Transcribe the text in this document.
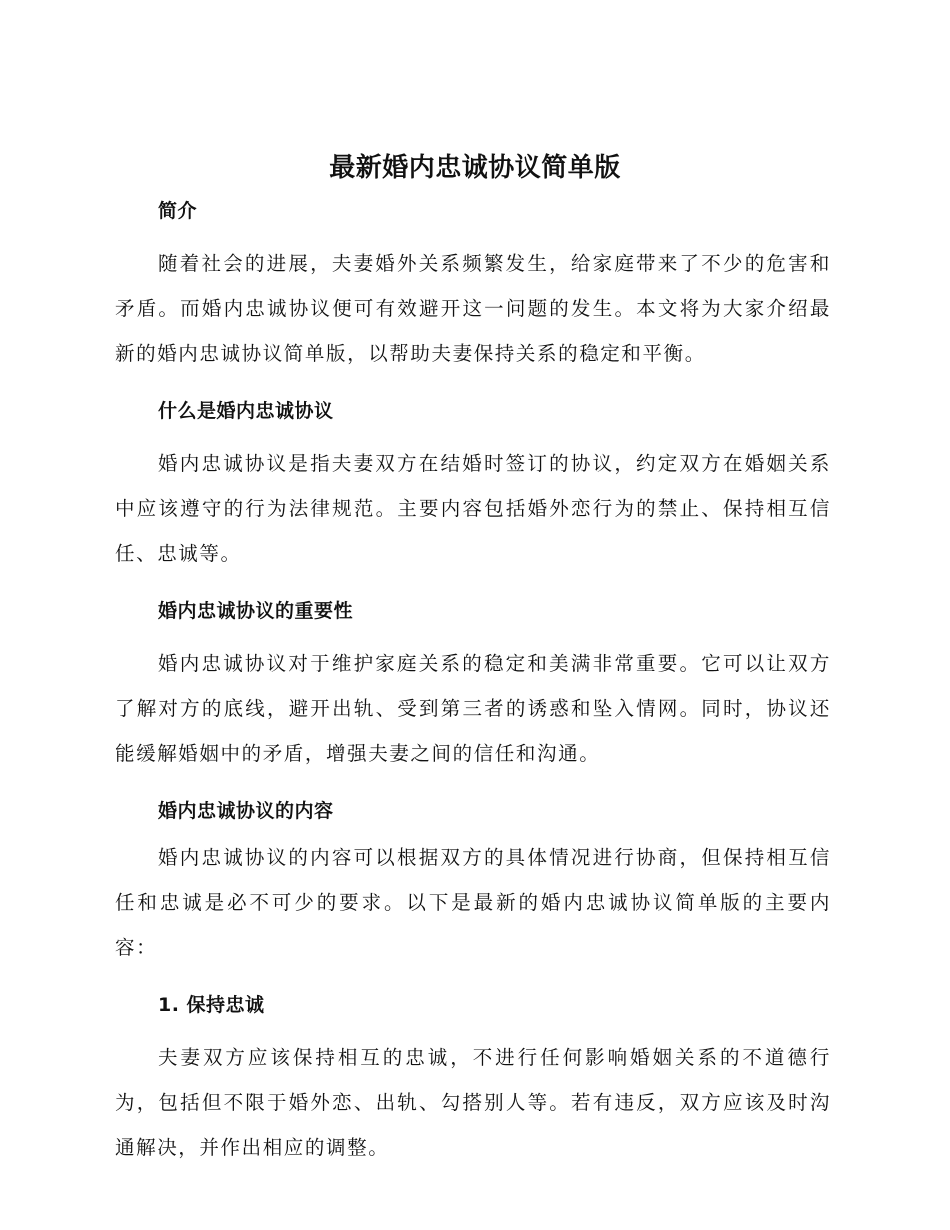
最新婚内忠诚协议简单版
简介

随着社会的进展，夫妻婚外关系频繁发生，给家庭带来了不少的危害和矛盾。而婚内忠诚协议便可有效避开这一问题的发生。本文将为大家介绍最新的婚内忠诚协议简单版，以帮助夫妻保持关系的稳定和平衡。

什么是婚内忠诚协议

婚内忠诚协议是指夫妻双方在结婚时签订的协议，约定双方在婚姻关系中应该遵守的行为法律规范。主要内容包括婚外恋行为的禁止、保持相互信任、忠诚等。

婚内忠诚协议的重要性

婚内忠诚协议对于维护家庭关系的稳定和美满非常重要。它可以让双方了解对方的底线，避开出轨、受到第三者的诱惑和坠入情网。同时，协议还能缓解婚姻中的矛盾，增强夫妻之间的信任和沟通。

婚内忠诚协议的内容

婚内忠诚协议的内容可以根据双方的具体情况进行协商，但保持相互信任和忠诚是必不可少的要求。以下是最新的婚内忠诚协议简单版的主要内容：

1. 保持忠诚

夫妻双方应该保持相互的忠诚，不进行任何影响婚姻关系的不道德行为，包括但不限于婚外恋、出轨、勾搭别人等。若有违反，双方应该及时沟通解决，并作出相应的调整。
